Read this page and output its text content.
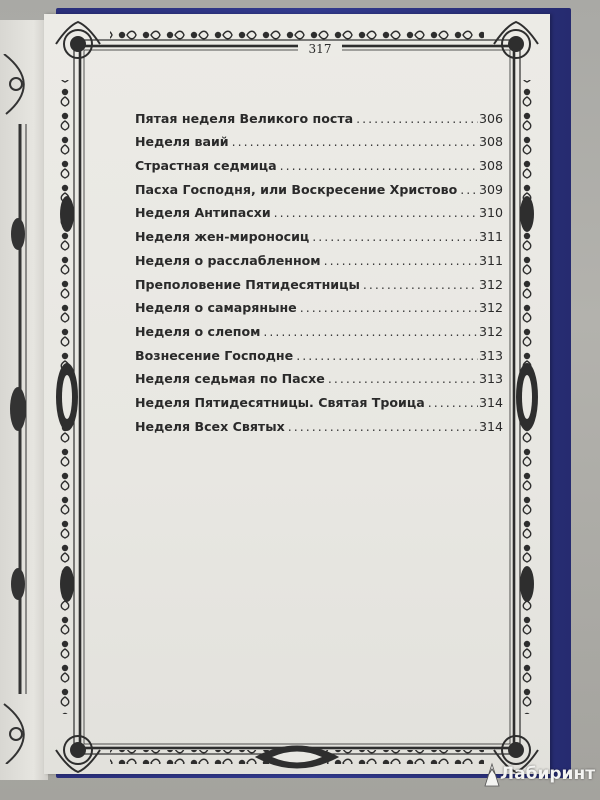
317
Пятая неделя Великого поста .....	306
Неделя ваий .....	308
Страстная седмица .....	308
Пасха Господня, или Воскресение Христово ..... 309
Неделя Антипасхи .....	310
Неделя жен-мироносиц .....	311
Неделя о расслабленном .....	311
Преполовение Пятидесятницы .....	312
Неделя о самаряныне .....	312
Неделя о слепом .....	312
Вознесение Господне .....	313
Неделя седьмая по Пасхе .....	313
Неделя Пятидесятницы. Святая Троица .....	314
Неделя Всех Святых .....	314
Лабиринт
